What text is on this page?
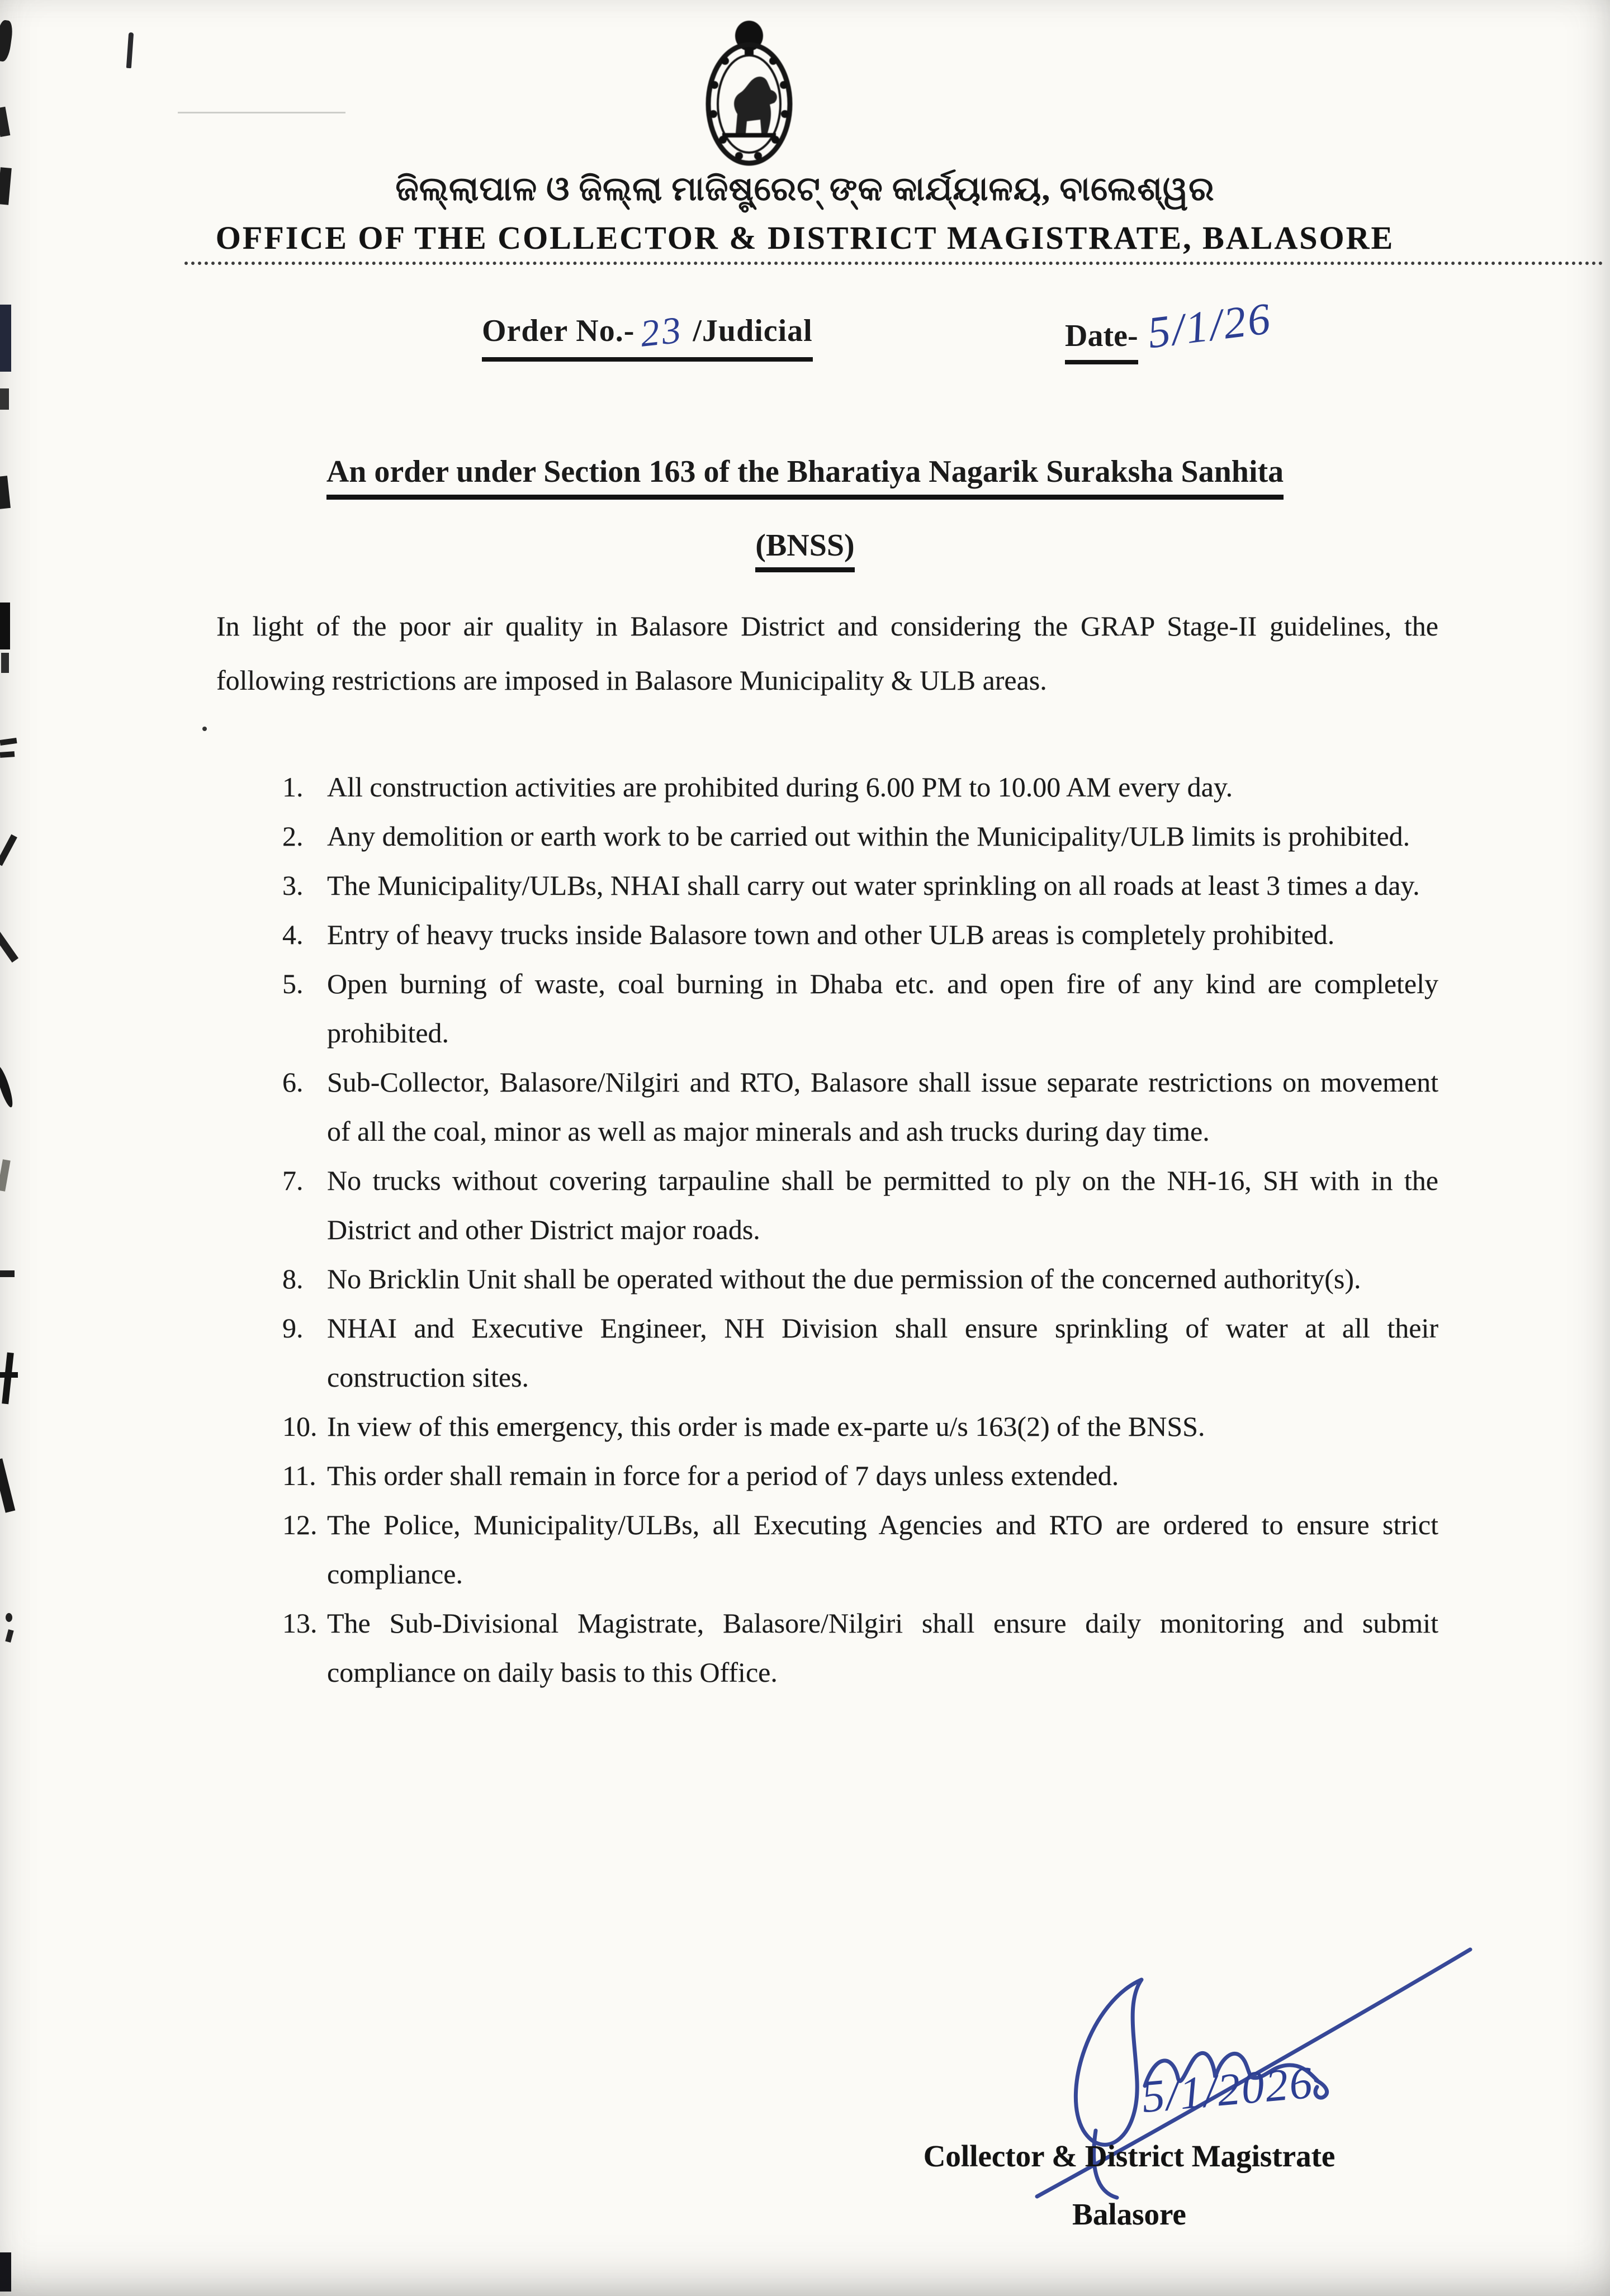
ଜିଲ୍ଲାପାଳ ଓ ଜିଲ୍ଲା ମାଜିଷ୍ଟ୍ରେଟ୍ ଙ୍କ କାର୍ଯ୍ୟାଳୟ, ବାଲେଶ୍ୱର
OFFICE OF THE COLLECTOR & DISTRICT MAGISTRATE, BALASORE
Order No.- 23 /Judicial	Date- 5/1/26
An order under Section 163 of the Bharatiya Nagarik Suraksha Sanhita
(BNSS)
In light of the poor air quality in Balasore District and considering the GRAP Stage-II guidelines, the following restrictions are imposed in Balasore Municipality & ULB areas.
1. All construction activities are prohibited during 6.00 PM to 10.00 AM every day.
2. Any demolition or earth work to be carried out within the Municipality/ULB limits is prohibited.
3. The Municipality/ULBs, NHAI shall carry out water sprinkling on all roads at least 3 times a day.
4. Entry of heavy trucks inside Balasore town and other ULB areas is completely prohibited.
5. Open burning of waste, coal burning in Dhaba etc. and open fire of any kind are completely prohibited.
6. Sub-Collector, Balasore/Nilgiri and RTO, Balasore shall issue separate restrictions on movement of all the coal, minor as well as major minerals and ash trucks during day time.
7. No trucks without covering tarpauline shall be permitted to ply on the NH-16, SH with in the District and other District major roads.
8. No Bricklin Unit shall be operated without the due permission of the concerned authority(s).
9. NHAI and Executive Engineer, NH Division shall ensure sprinkling of water at all their construction sites.
10. In view of this emergency, this order is made ex-parte u/s 163(2) of the BNSS.
11. This order shall remain in force for a period of 7 days unless extended.
12. The Police, Municipality/ULBs, all Executing Agencies and RTO are ordered to ensure strict compliance.
13. The Sub-Divisional Magistrate, Balasore/Nilgiri shall ensure daily monitoring and submit compliance on daily basis to this Office.
5/1/2026
Collector & District Magistrate
Balasore
